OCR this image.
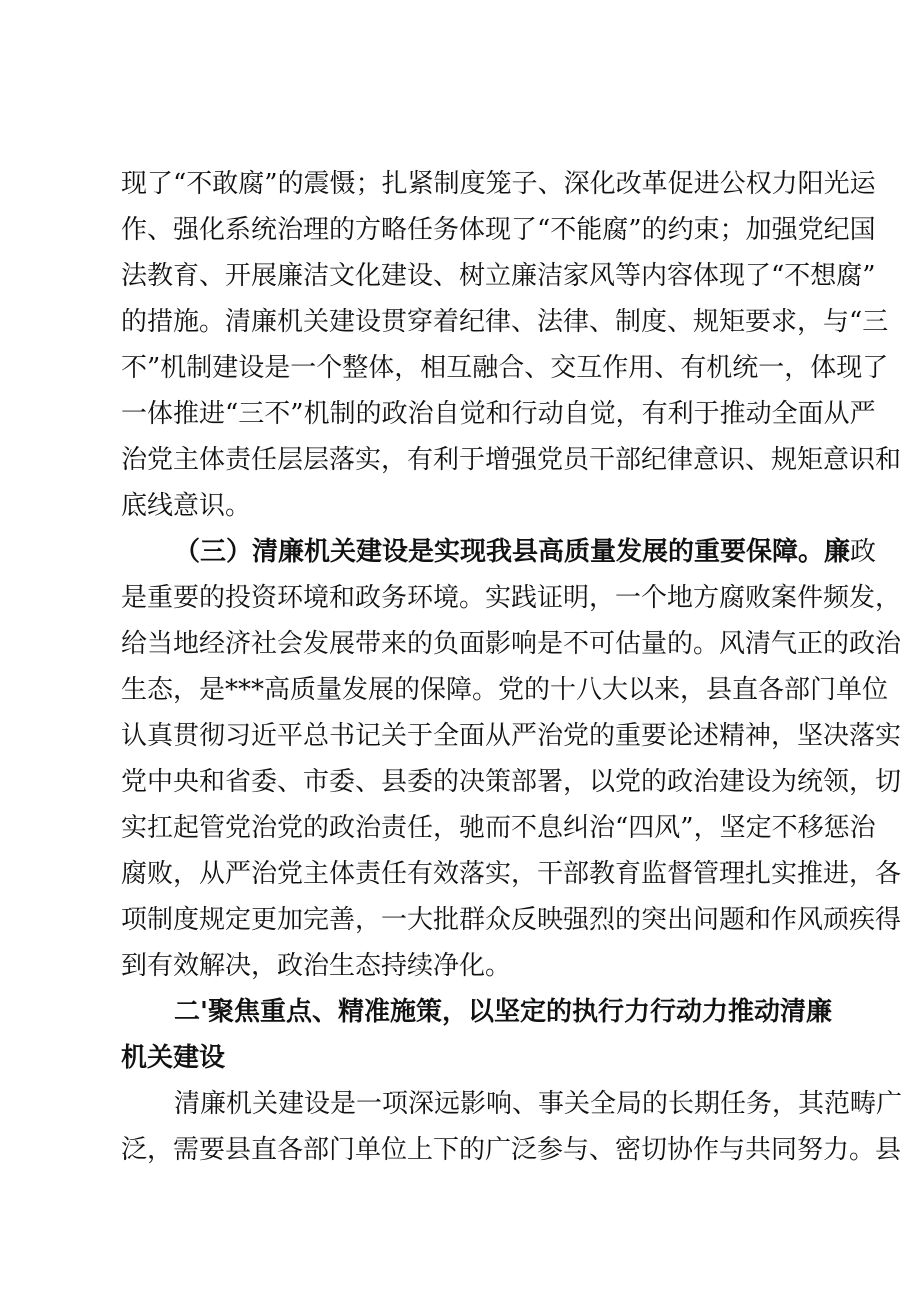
现了“不敢腐”的震慑；扎紧制度笼子、深化改革促进公权力阳光运
作、强化系统治理的方略任务体现了“不能腐”的约束；加强党纪国
法教育、开展廉洁文化建设、树立廉洁家风等内容体现了“不想腐”
的措施。清廉机关建设贯穿着纪律、法律、制度、规矩要求，与“三
不”机制建设是一个整体，相互融合、交互作用、有机统一，体现了
一体推进“三不”机制的政治自觉和行动自觉，有利于推动全面从严
治党主体责任层层落实，有利于增强党员干部纪律意识、规矩意识和
底线意识。
（三）清廉机关建设是实现我县高质量发展的重要保障。廉政
是重要的投资环境和政务环境。实践证明，一个地方腐败案件频发，
给当地经济社会发展带来的负面影响是不可估量的。风清气正的政治
生态，是***高质量发展的保障。党的十八大以来，县直各部门单位
认真贯彻习近平总书记关于全面从严治党的重要论述精神，坚决落实
党中央和省委、市委、县委的决策部署，以党的政治建设为统领，切
实扛起管党治党的政治责任，驰而不息纠治“四风”，坚定不移惩治
腐败，从严治党主体责任有效落实，干部教育监督管理扎实推进，各
项制度规定更加完善，一大批群众反映强烈的突出问题和作风顽疾得
到有效解决，政治生态持续净化。
二'聚焦重点、精准施策，以坚定的执行力行动力推动清廉
机关建设
清廉机关建设是一项深远影响、事关全局的长期任务，其范畴广
泛，需要县直各部门单位上下的广泛参与、密切协作与共同努力。县
